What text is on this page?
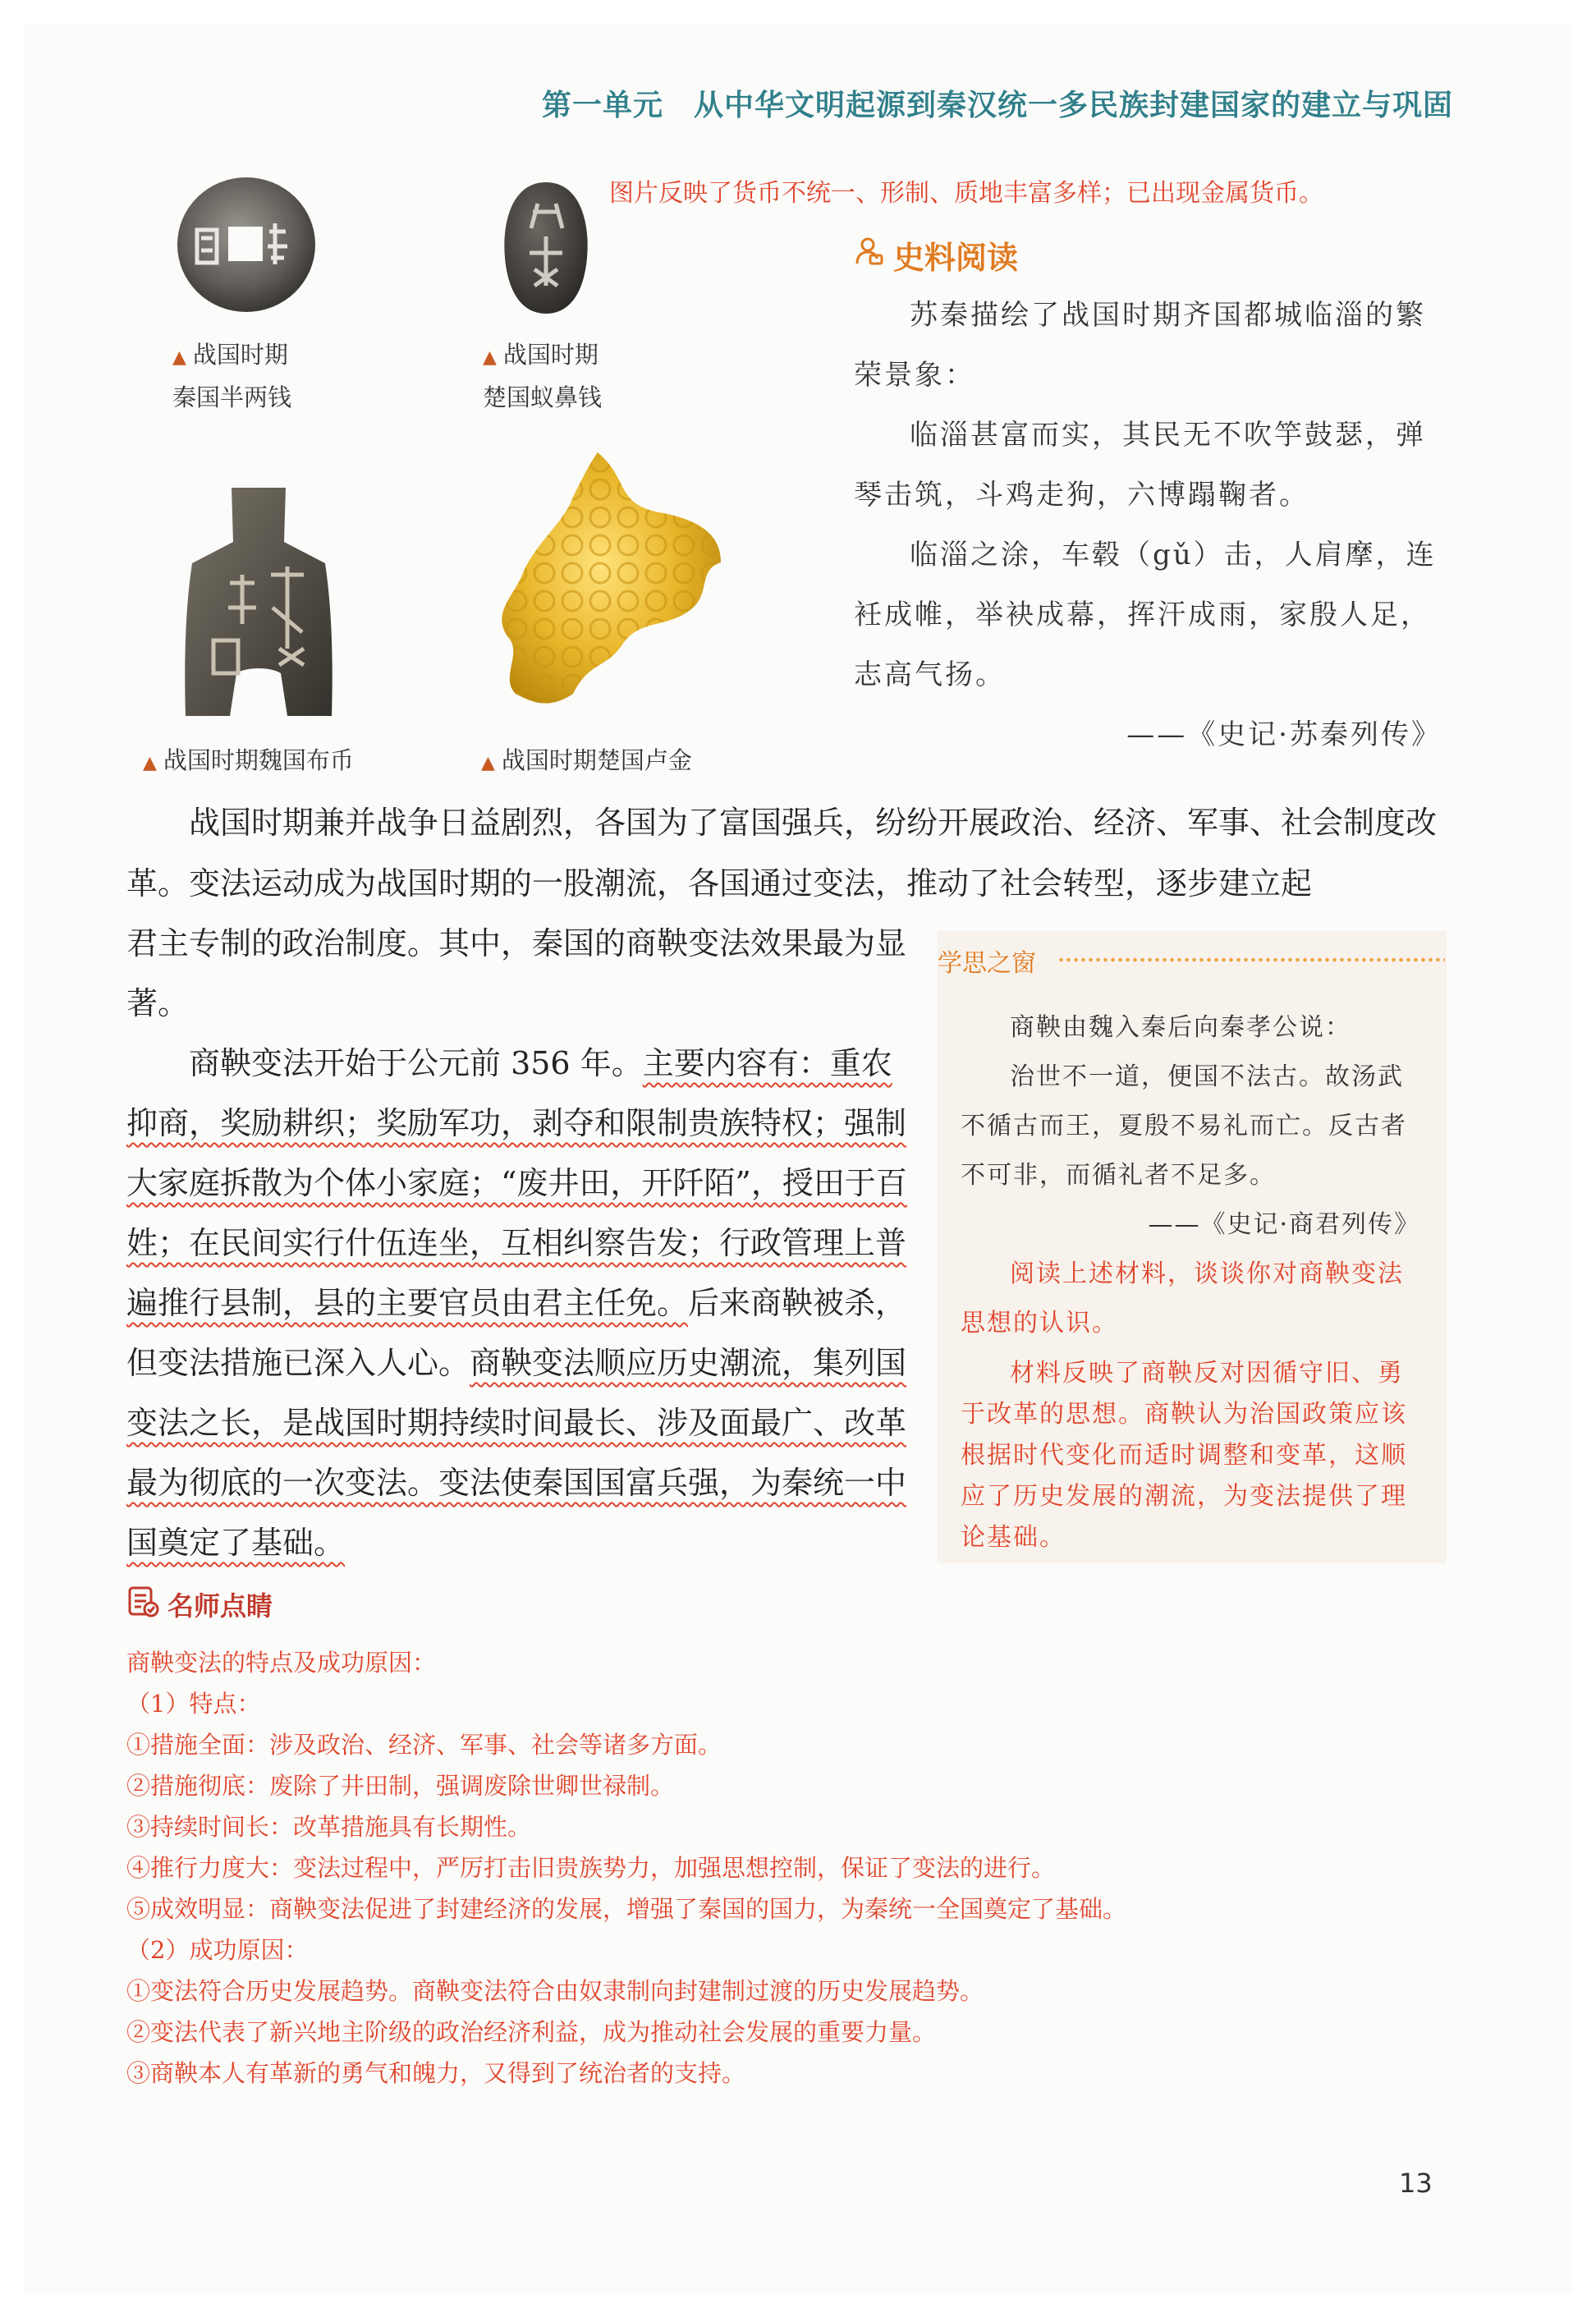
第一单元　从中华文明起源到秦汉统一多民族封建国家的建立与巩固
▲ 战国时期
秦国半两钱
▲ 战国时期
楚国蚁鼻钱
▲ 战国时期魏国布币	▲ 战国时期楚国卢金
图片反映了货币不统一、形制、质地丰富多样；已出现金属货币。
史料阅读

苏秦描绘了战国时期齐国都城临淄的繁荣景象：

临淄甚富而实，其民无不吹竽鼓瑟，弹琴击筑，斗鸡走狗，六博蹋鞠者。

临淄之涂，车毂（gǔ）击，人肩摩，连衽成帷，举袂成幕，挥汗成雨，家殷人足，志高气扬。

——《史记·苏秦列传》

战国时期兼并战争日益剧烈，各国为了富国强兵，纷纷开展政治、经济、军事、社会制度改革。变法运动成为战国时期的一股潮流，各国通过变法，推动了社会转型，逐步建立起

君主专制的政治制度。其中，秦国的商鞅变法效果最为显著。

商鞅变法开始于公元前 356 年。主要内容有：重农抑商，奖励耕织；奖励军功，剥夺和限制贵族特权；强制大家庭拆散为个体小家庭；“废井田，开阡陌”，授田于百姓；在民间实行什伍连坐，互相纠察告发；行政管理上普遍推行县制，县的主要官员由君主任免。后来商鞅被杀，但变法措施已深入人心。商鞅变法顺应历史潮流，集列国变法之长，是战国时期持续时间最长、涉及面最广、改革最为彻底的一次变法。变法使秦国国富兵强，为秦统一中国奠定了基础。

学思之窗

商鞅由魏入秦后向秦孝公说：

治世不一道，便国不法古。故汤武不循古而王，夏殷不易礼而亡。反古者不可非，而循礼者不足多。

——《史记·商君列传》

阅读上述材料，谈谈你对商鞅变法思想的认识。

材料反映了商鞅反对因循守旧、勇于改革的思想。商鞅认为治国政策应该根据时代变化而适时调整和变革，这顺应了历史发展的潮流，为变法提供了理论基础。

名师点睛
商鞅变法的特点及成功原因：
（1）特点：
①措施全面：涉及政治、经济、军事、社会等诸多方面。
②措施彻底：废除了井田制，强调废除世卿世禄制。
③持续时间长：改革措施具有长期性。
④推行力度大：变法过程中，严厉打击旧贵族势力，加强思想控制，保证了变法的进行。
⑤成效明显：商鞅变法促进了封建经济的发展，增强了秦国的国力，为秦统一全国奠定了基础。
（2）成功原因：
①变法符合历史发展趋势。商鞅变法符合由奴隶制向封建制过渡的历史发展趋势。
②变法代表了新兴地主阶级的政治经济利益，成为推动社会发展的重要力量。
③商鞅本人有革新的勇气和魄力，又得到了统治者的支持。
13
